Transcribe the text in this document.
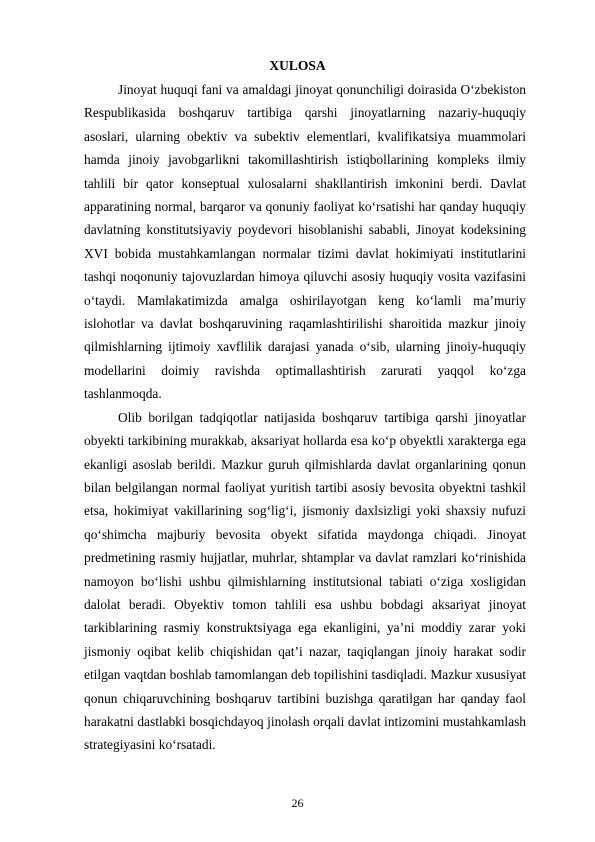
XULOSA

Jinoyat huquqi fani va amaldagi jinoyat qonunchiligi doirasida O‘zbekiston Respublikasida boshqaruv tartibiga qarshi jinoyatlarning nazariy-huquqiy asoslari, ularning obektiv va subektiv elementlari, kvalifikatsiya muammolari hamda jinoiy javobgarlikni takomillashtirish istiqbollarining kompleks ilmiy tahlili bir qator konseptual xulosalarni shakllantirish imkonini berdi. Davlat apparatining normal, barqaror va qonuniy faoliyat ko‘rsatishi har qanday huquqiy davlatning konstitutsiyaviy poydevori hisoblanishi sababli, Jinoyat kodeksining XVI bobida mustahkamlangan normalar tizimi davlat hokimiyati institutlarini tashqi noqonuniy tajovuzlardan himoya qiluvchi asosiy huquqiy vosita vazifasini o‘taydi. Mamlakatimizda amalga oshirilayotgan keng ko‘lamli ma’muriy islohotlar va davlat boshqaruvining raqamlashtirilishi sharoitida mazkur jinoiy qilmishlarning ijtimoiy xavflilik darajasi yanada o‘sib, ularning jinoiy-huquqiy modellarini doimiy ravishda optimallashtirish zarurati yaqqol ko‘zga tashlanmoqda.

Olib borilgan tadqiqotlar natijasida boshqaruv tartibiga qarshi jinoyatlar obyekti tarkibining murakkab, aksariyat hollarda esa ko‘p obyektli xarakterga ega ekanligi asoslab berildi. Mazkur guruh qilmishlarda davlat organlarining qonun bilan belgilangan normal faoliyat yuritish tartibi asosiy bevosita obyektni tashkil etsa, hokimiyat vakillarining sog‘lig‘i, jismoniy daxlsizligi yoki shaxsiy nufuzi qo‘shimcha majburiy bevosita obyekt sifatida maydonga chiqadi. Jinoyat predmetining rasmiy hujjatlar, muhrlar, shtamplar va davlat ramzlari ko‘rinishida namoyon bo‘lishi ushbu qilmishlarning institutsional tabiati o‘ziga xosligidan dalolat beradi. Obyektiv tomon tahlili esa ushbu bobdagi aksariyat jinoyat tarkiblarining rasmiy konstruktsiyaga ega ekanligini, ya’ni moddiy zarar yoki jismoniy oqibat kelib chiqishidan qat’i nazar, taqiqlangan jinoiy harakat sodir etilgan vaqtdan boshlab tamomlangan deb topilishini tasdiqladi. Mazkur xususiyat qonun chiqaruvchining boshqaruv tartibini buzishga qaratilgan har qanday faol harakatni dastlabki bosqichdayoq jinolash orqali davlat intizomini mustahkamlash strategiyasini ko‘rsatadi.

26
